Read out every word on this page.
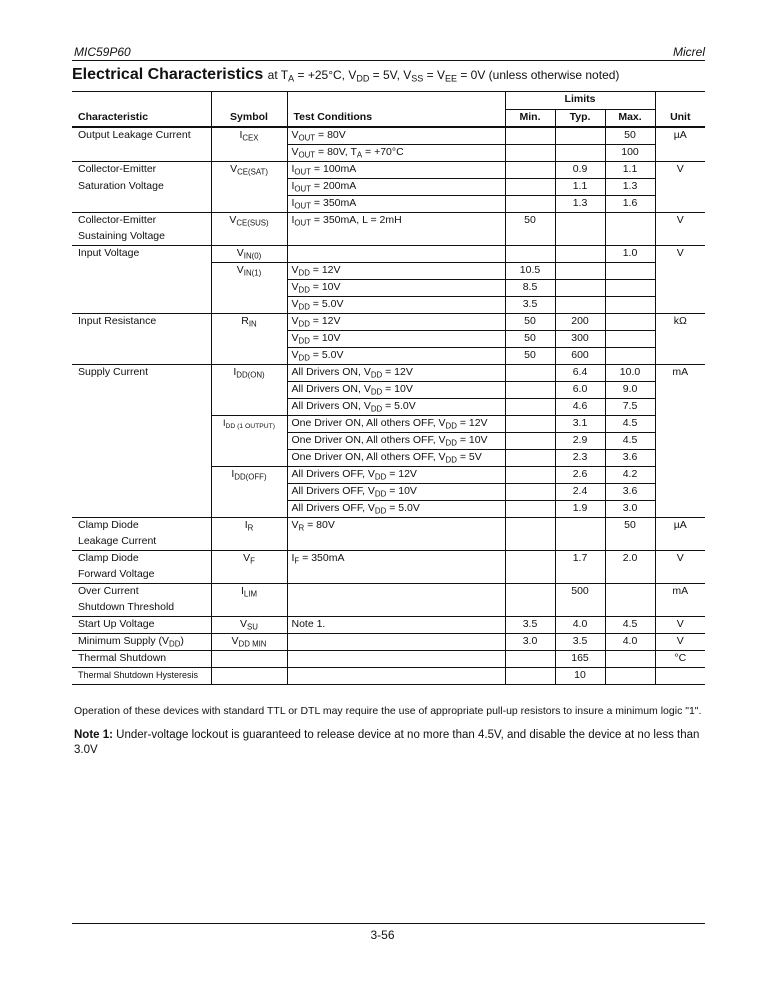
MIC59P60	Micrel
Electrical Characteristics at $T_A = +25^\circ C$, $V_{DD} = 5V$, $V_{SS} = V_{EE} = 0V$ (unless otherwise noted)
			Limits			
Characteristic	Symbol	Test Conditions	Min.	Typ.	Max.	Unit
Output Leakage Current	$I_{CEX}$	$V_{OUT} = 80V$			50	µA
		$V_{OUT} = 80V$, $T_A = +70^\circ C$			100	
Collector-Emitter	$V_{CE(SAT)}$	$I_{OUT} = 100mA$		0.9	1.1	V
Saturation Voltage		$I_{OUT} = 200mA$		1.1	1.3	
		$I_{OUT} = 350mA$		1.3	1.6	
Collector-Emitter	$V_{CE(SUS)}$	$I_{OUT} = 350mA$, L = 2mH	50			V
Sustaining Voltage						
Input Voltage	$V_{IN(0)}$				1.0	V
	$V_{IN(1)}$	$V_{DD} = 12V$	10.5			
		$V_{DD} = 10V$	8.5			
		$V_{DD} = 5.0V$	3.5			
Input Resistance	$R_{IN}$	$V_{DD} = 12V$	50	200		kΩ
		$V_{DD} = 10V$	50	300		
		$V_{DD} = 5.0V$	50	600		
Supply Current	$I_{DD(ON)}$	All Drivers ON, $V_{DD} = 12V$		6.4	10.0	mA
		All Drivers ON, $V_{DD} = 10V$		6.0	9.0	
		All Drivers ON, $V_{DD} = 5.0V$		4.6	7.5	
	$I_{DD (1 OUTPUT)}$	One Driver ON, All others OFF, $V_{DD} = 12V$		3.1	4.5	
		One Driver ON, All others OFF, $V_{DD} = 10V$		2.9	4.5	
		One Driver ON, All others OFF, $V_{DD} = 5V$		2.3	3.6	
	$I_{DD(OFF)}$	All Drivers OFF, $V_{DD} = 12V$		2.6	4.2	
		All Drivers OFF, $V_{DD} = 10V$		2.4	3.6	
		All Drivers OFF, $V_{DD} = 5.0V$		1.9	3.0	
Clamp Diode	$I_R$	$V_R = 80V$			50	µA
Leakage Current						
Clamp Diode	$V_F$	$I_F = 350mA$		1.7	2.0	V
Forward Voltage						
Over Current	$I_{LIM}$			500		mA
Shutdown Threshold						
Start Up Voltage	$V_{SU}$	Note 1.	3.5	4.0	4.5	V
Minimum Supply $(V_{DD})$	$V_{DD MIN}$		3.0	3.5	4.0	V
Thermal Shutdown				165		°C
Thermal Shutdown Hysteresis				10		
Operation of these devices with standard TTL or DTL may require the use of appropriate pull-up resistors to insure a minimum logic "1".
Note 1: Under-voltage lockout is guaranteed to release device at no more than 4.5V, and disable the device at no less than 3.0V
3-56
